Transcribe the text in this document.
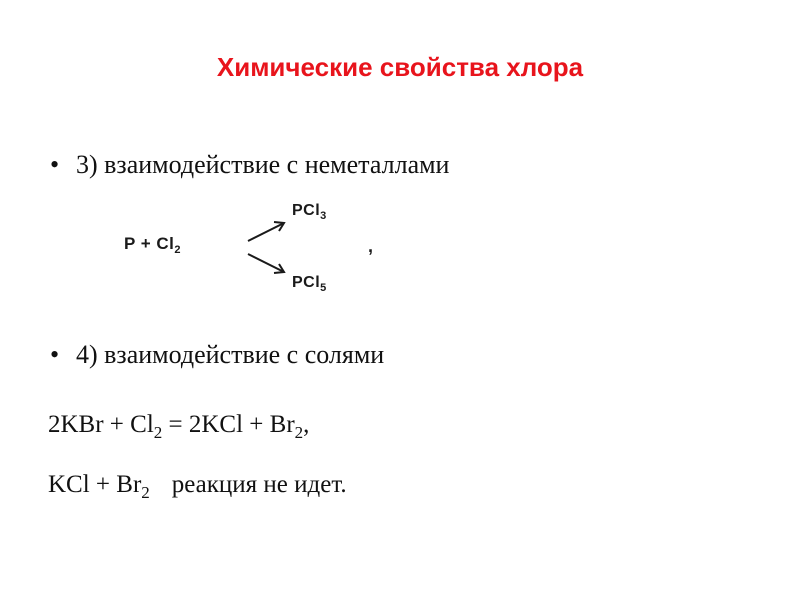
Химические свойства хлора
• 3) взаимодействие с неметаллами
$P + Cl_2$
PCl$_3$
PCl$_5$
,
• 4) взаимодействие с солями
$2KBr + Cl_2 = 2KCl + Br_2$,
KCl + $Br_2$ реакция не идет.
